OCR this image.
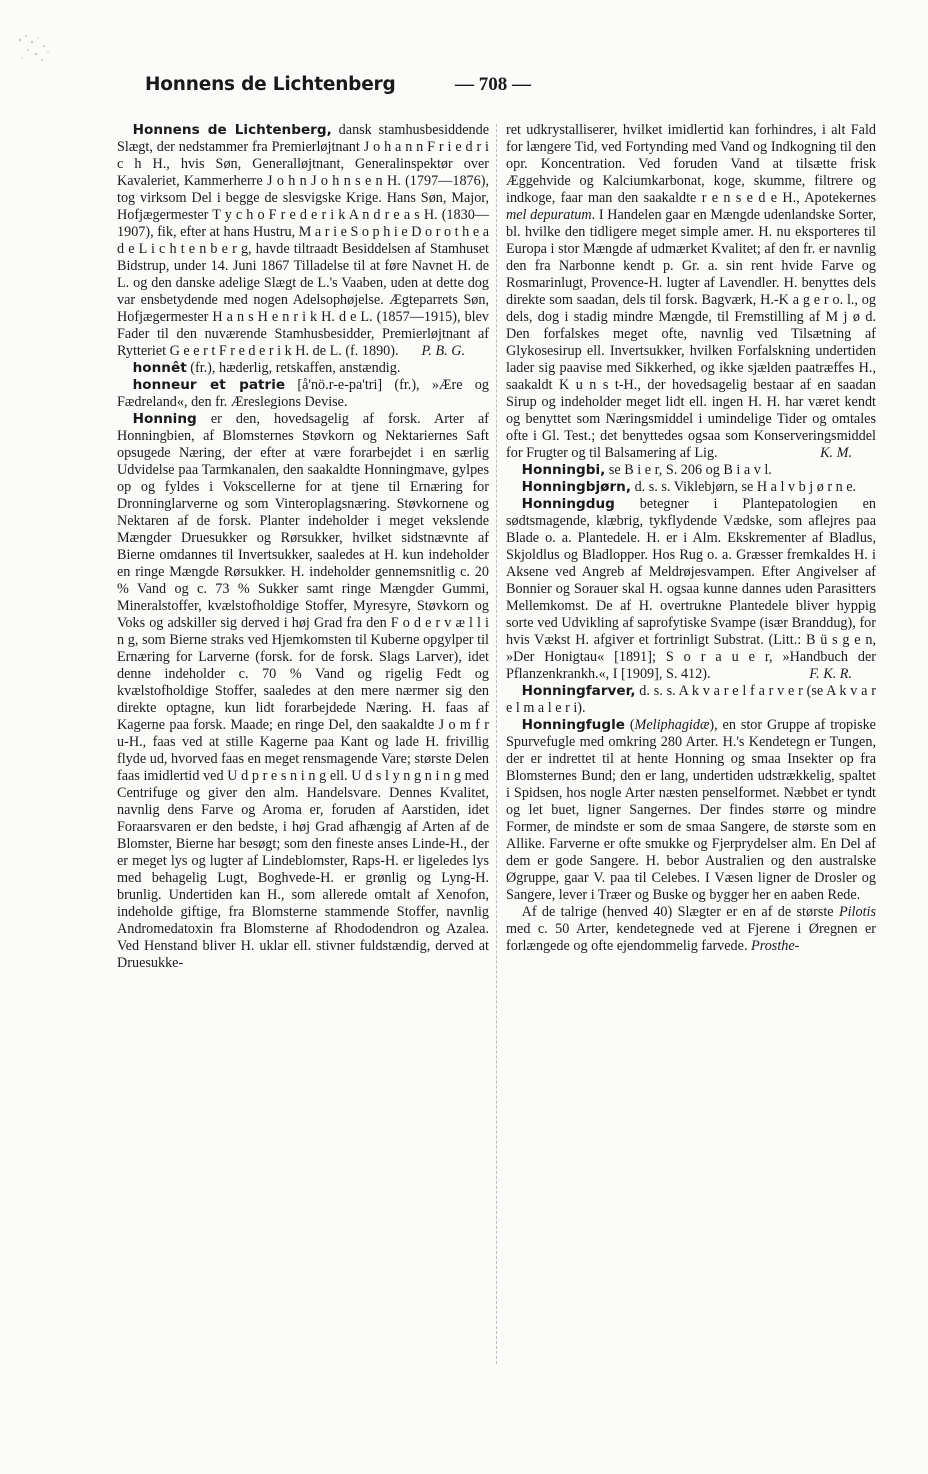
Honnens de Lichtenberg	— 708 —

Honnens de Lichtenberg, dansk stamhusbesiddende Slægt, der nedstammer fra Premierløjtnant J o h a n n F r i e d r i c h H., hvis Søn, Generalløjtnant, Generalinspektør over Kavaleriet, Kammerherre J o h n J o h n s e n H. (1797—1876), tog virksom Del i begge de slesvigske Krige. Hans Søn, Major, Hofjægermester T y c h o F r e d e r i k A n d r e a s H. (1830—1907), fik, efter at hans Hustru, M a r i e S o p h i e D o r o t h e a d e L i c h t e n b e r g, havde tiltraadt Besiddelsen af Stamhuset Bidstrup, under 14. Juni 1867 Tilladelse til at føre Navnet H. de L. og den danske adelige Slægt de L.'s Vaaben, uden at dette dog var ensbetydende med nogen Adelsophøjelse. Ægteparrets Søn, Hofjægermester H a n s H e n r i k H. d e L. (1857—1915), blev Fader til den nuværende Stamhusbesidder, Premierløjtnant af Rytteriet G e e r t F r e d e r i k H. de L. (f. 1890).	P. B. G.

honnêt (fr.), hæderlig, retskaffen, anstændig.

honneur et patrie [å'nö.r-e-pa'tri] (fr.), »Ære og Fædreland«, den fr. Æreslegions Devise.

Honning er den, hovedsagelig af forsk. Arter af Honningbien, af Blomsternes Støvkorn og Nektariernes Saft opsugede Næring, der efter at være forarbejdet i en særlig Udvidelse paa Tarmkanalen, den saakaldte Honningmave, gylpes op og fyldes i Vokscellerne for at tjene til Ernæring for Dronninglarverne og som Vinteroplagsnæring. Støvkornene og Nektaren af de forsk. Planter indeholder i meget vekslende Mængder Druesukker og Rørsukker, hvilket sidstnævnte af Bierne omdannes til Invertsukker, saaledes at H. kun indeholder en ringe Mængde Rørsukker. H. indeholder gennemsnitlig c. 20 % Vand og c. 73 % Sukker samt ringe Mængder Gummi, Mineralstoffer, kvælstofholdige Stoffer, Myresyre, Støvkorn og Voks og adskiller sig derved i høj Grad fra den F o d e r v æ l l i n g, som Bierne straks ved Hjemkomsten til Kuberne opgylper til Ernæring for Larverne (forsk. for de forsk. Slags Larver), idet denne indeholder c. 70 % Vand og rigelig Fedt og kvælstofholdige Stoffer, saaledes at den mere nærmer sig den direkte optagne, kun lidt forarbejdede Næring. H. faas af Kagerne paa forsk. Maade; en ringe Del, den saakaldte J o m f r u-H., faas ved at stille Kagerne paa Kant og lade H. frivillig flyde ud, hvorved faas en meget rensmagende Vare; største Delen faas imidlertid ved U d p r e s n i n g ell. U d s l y n g n i n g med Centrifuge og giver den alm. Handelsvare. Dennes Kvalitet, navnlig dens Farve og Aroma er, foruden af Aarstiden, idet Foraarsvaren er den bedste, i høj Grad afhængig af Arten af de Blomster, Bierne har besøgt; som den fineste anses Linde-H., der er meget lys og lugter af Lindeblomster, Raps-H. er ligeledes lys med behagelig Lugt, Boghvede-H. er grønlig og Lyng-H. brunlig. Undertiden kan H., som allerede omtalt af Xenofon, indeholde giftige, fra Blomsterne stammende Stoffer, navnlig Andromedatoxin fra Blomsterne af Rhododendron og Azalea. Ved Henstand bliver H. uklar ell. stivner fuldstændig, derved at Druesukke-

ret udkrystalliserer, hvilket imidlertid kan forhindres, i alt Fald for længere Tid, ved Fortynding med Vand og Indkogning til den opr. Koncentration. Ved foruden Vand at tilsætte frisk Æggehvide og Kalciumkarbonat, koge, skumme, filtrere og indkoge, faar man den saakaldte r e n s e d e H., Apotekernes mel depuratum. I Handelen gaar en Mængde udenlandske Sorter, bl. hvilke den tidligere meget simple amer. H. nu eksporteres til Europa i stor Mængde af udmærket Kvalitet; af den fr. er navnlig den fra Narbonne kendt p. Gr. a. sin rent hvide Farve og Rosmarinlugt, Provence-H. lugter af Lavendler. H. benyttes dels direkte som saadan, dels til forsk. Bagværk, H.-K a g e r o. l., og dels, dog i stadig mindre Mængde, til Fremstilling af M j ø d. Den forfalskes meget ofte, navnlig ved Tilsætning af Glykosesirup ell. Invertsukker, hvilken Forfalskning undertiden lader sig paavise med Sikkerhed, og ikke sjælden paatræffes H., saakaldt K u n s t-H., der hovedsagelig bestaar af en saadan Sirup og indeholder meget lidt ell. ingen H. H. har været kendt og benyttet som Næringsmiddel i umindelige Tider og omtales ofte i Gl. Test.; det benyttedes ogsaa som Konserveringsmiddel for Frugter og til Balsamering af Lig.	K. M.

Honningbi, se B i e r, S. 206 og B i a v l.

Honningbjørn, d. s. s. Viklebjørn, se H a l v b j ø r n e.

Honningdug betegner i Plantepatologien en sødtsmagende, klæbrig, tykflydende Vædske, som aflejres paa Blade o. a. Plantedele. H. er i Alm. Ekskrementer af Bladlus, Skjoldlus og Bladlopper. Hos Rug o. a. Græsser fremkaldes H. i Aksene ved Angreb af Meldrøjesvampen. Efter Angivelser af Bonnier og Sorauer skal H. ogsaa kunne dannes uden Parasitters Mellemkomst. De af H. overtrukne Plantedele bliver hyppig sorte ved Udvikling af saprofytiske Svampe (især Branddug), for hvis Vækst H. afgiver et fortrinligt Substrat. (Litt.: B ü s g e n, »Der Honigtau« [1891]; S o r a u e r, »Handbuch der Pflanzenkrankh.«, I [1909], S. 412).	F. K. R.

Honningfarver, d. s. s. A k v a r e l f a r v e r (se A k v a r e l m a l e r i).

Honningfugle (Meliphagidæ), en stor Gruppe af tropiske Spurvefugle med omkring 280 Arter. H.'s Kendetegn er Tungen, der er indrettet til at hente Honning og smaa Insekter op fra Blomsternes Bund; den er lang, undertiden udstrækkelig, spaltet i Spidsen, hos nogle Arter næsten penselformet. Næbbet er tyndt og let buet, ligner Sangernes. Der findes større og mindre Former, de mindste er som de smaa Sangere, de største som en Allike. Farverne er ofte smukke og Fjerprydelser alm. En Del af dem er gode Sangere. H. bebor Australien og den australske Øgruppe, gaar V. paa til Celebes. I Væsen ligner de Drosler og Sangere, lever i Træer og Buske og bygger her en aaben Rede.

Af de talrige (henved 40) Slægter er en af de største Pilotis med c. 50 Arter, kendetegnede ved at Fjerene i Øregnen er forlængede og ofte ejendommelig farvede. Prosthe-
